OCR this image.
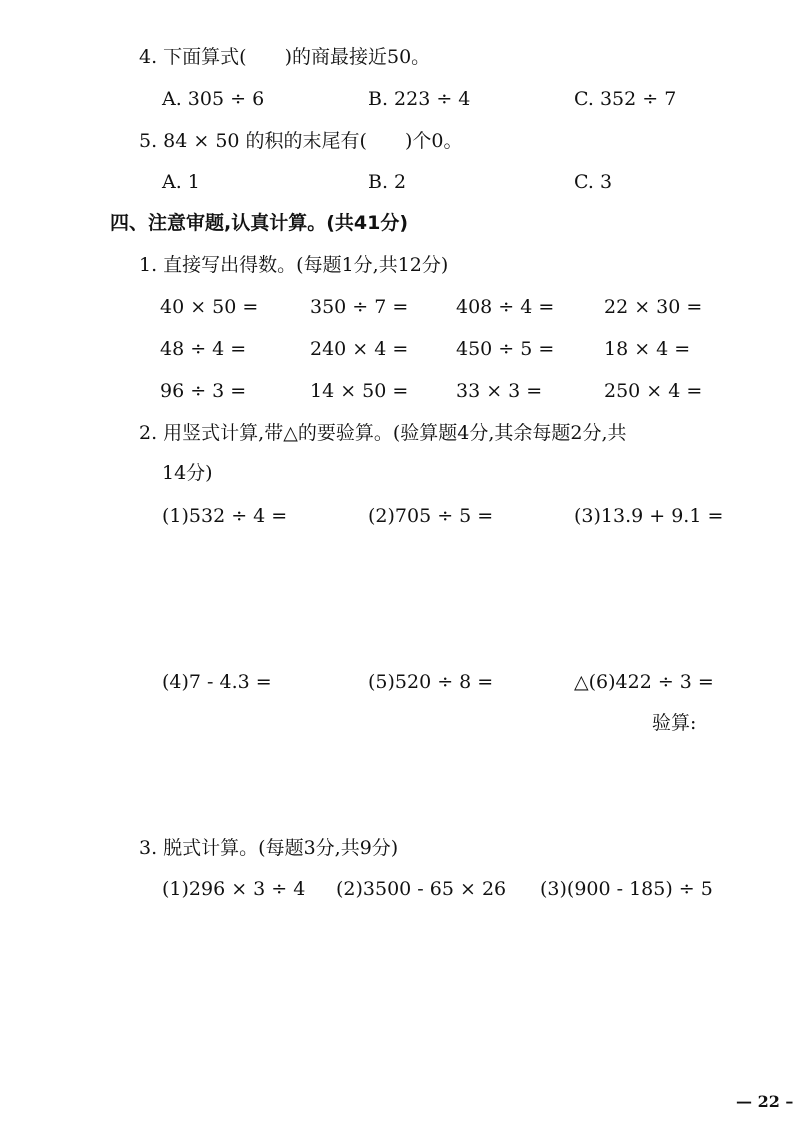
4. 下面算式(　　)的商最接近50。
A. 305 ÷ 6	B. 223 ÷ 4	C. 352 ÷ 7
5. 84 × 50 的积的末尾有(　　)个0。
A. 1	B. 2	C. 3
四、注意审题,认真计算。(共41分)
1. 直接写出得数。(每题1分,共12分)
40 × 50 =	350 ÷ 7 =	408 ÷ 4 =	22 × 30 =
48 ÷ 4 =	240 × 4 =	450 ÷ 5 =	18 × 4 =
96 ÷ 3 =	14 × 50 =	33 × 3 =	250 × 4 =
2. 用竖式计算,带△的要验算。(验算题4分,其余每题2分,共
14分)
(1)532 ÷ 4 =	(2)705 ÷ 5 =	(3)13.9 + 9.1 =
(4)7 - 4.3 =	(5)520 ÷ 8 =	△(6)422 ÷ 3 =
验算:
3. 脱式计算。(每题3分,共9分)
(1)296 × 3 ÷ 4 (2)3500 - 65 × 26 (3)(900 - 185) ÷ 5
— 22 –
